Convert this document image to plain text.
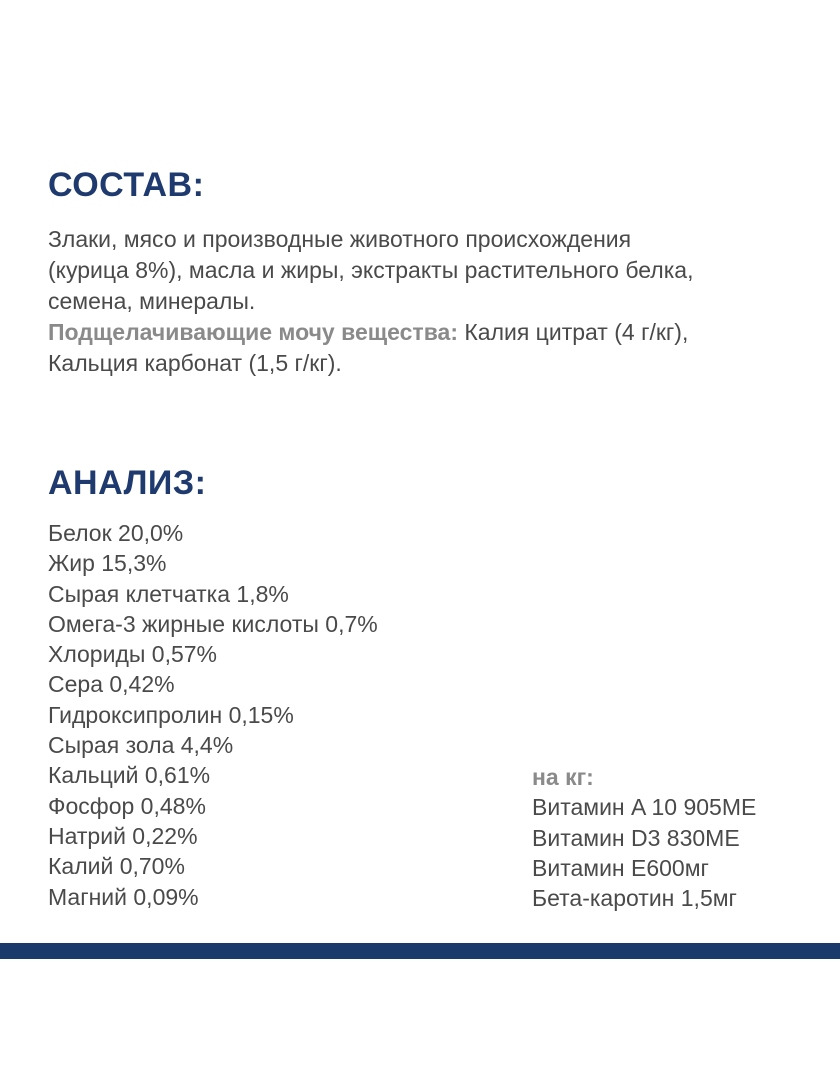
СОСТАВ:

Злаки, мясо и производные животного происхождения
(курица 8%), масла и жиры, экстракты растительного белка,
семена, минералы.
Подщелачивающие мочу вещества: Калия цитрат (4 г/кг),
Кальция карбонат (1,5 г/кг).

АНАЛИЗ:
Белок 20,0%
Жир 15,3%
Сырая клетчатка 1,8%
Омега-3 жирные кислоты 0,7%
Хлориды 0,57%
Сера 0,42%
Гидроксипролин 0,15%
Сырая зола 4,4%
Кальций 0,61%
Фосфор 0,48%
Натрий 0,22%
Калий 0,70%
Магний 0,09%
на кг:
Витамин A 10 905МЕ
Витамин D3 830МЕ
Витамин E600мг
Бета-каротин 1,5мг
